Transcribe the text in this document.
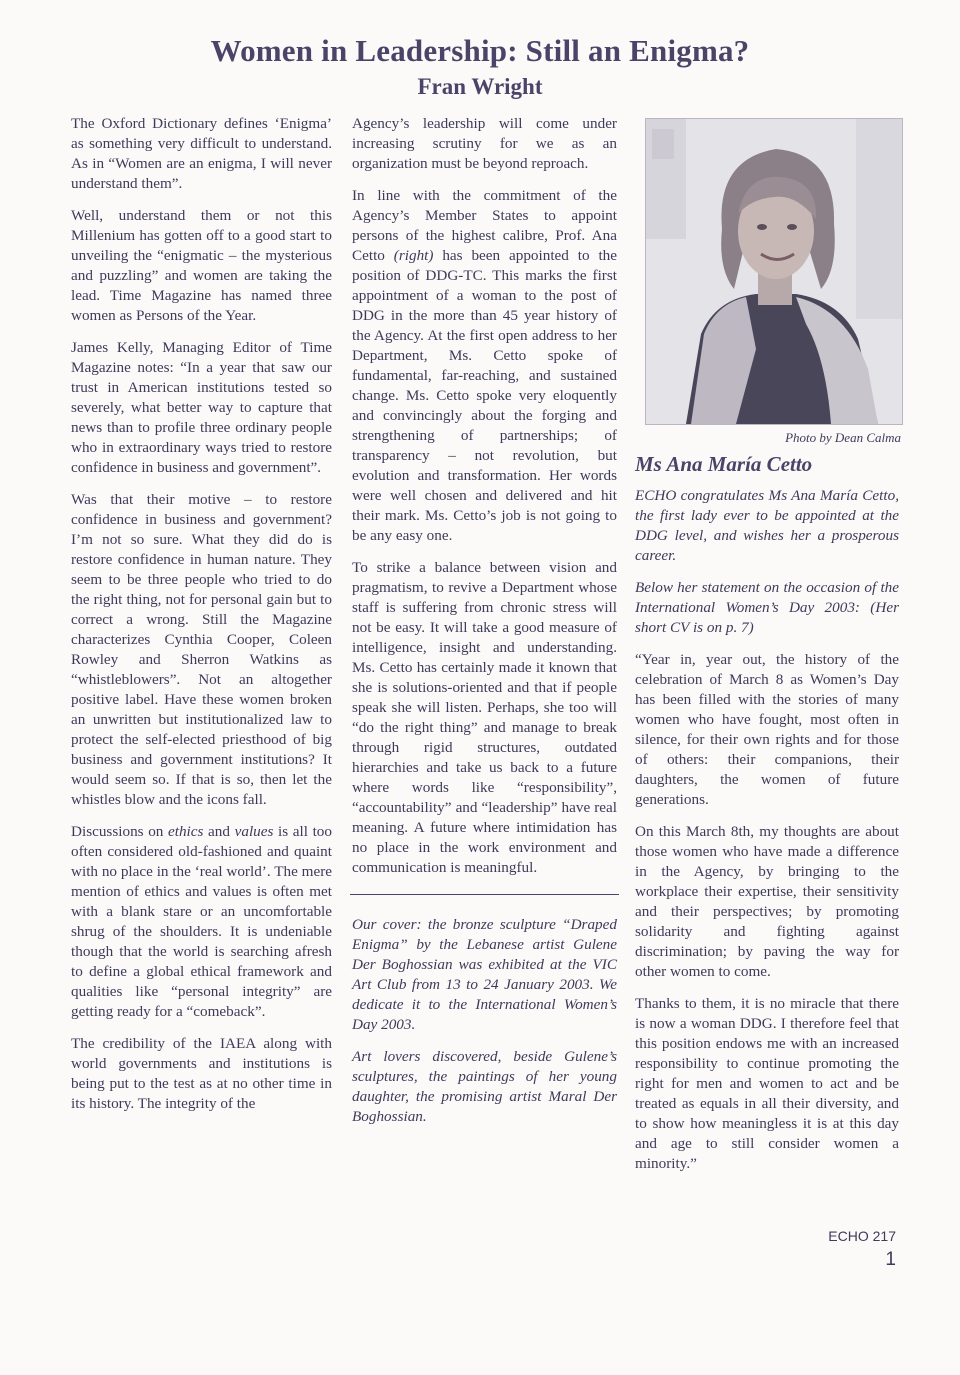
Women in Leadership: Still an Enigma?
Fran Wright

The Oxford Dictionary defines ‘Enigma’ as something very difficult to understand. As in “Women are an enigma, I will never understand them”.

Well, understand them or not this Millenium has gotten off to a good start to unveiling the “enigmatic – the mysterious and puzzling” and women are taking the lead. Time Magazine has named three women as Persons of the Year.

James Kelly, Managing Editor of Time Magazine notes: “In a year that saw our trust in American institutions tested so severely, what better way to capture that news than to profile three ordinary people who in extraordinary ways tried to restore confidence in business and government”.

Was that their motive – to restore confidence in business and government? I’m not so sure. What they did do is restore confidence in human nature. They seem to be three people who tried to do the right thing, not for personal gain but to correct a wrong. Still the Magazine characterizes Cynthia Cooper, Coleen Rowley and Sherron Watkins as “whistleblowers”. Not an altogether positive label. Have these women broken an unwritten but institutionalized law to protect the self-elected priesthood of big business and government institutions? It would seem so. If that is so, then let the whistles blow and the icons fall.

Discussions on ethics and values is all too often considered old-fashioned and quaint with no place in the ‘real world’. The mere mention of ethics and values is often met with a blank stare or an uncomfortable shrug of the shoulders. It is undeniable though that the world is searching afresh to define a global ethical framework and qualities like “personal integrity” are getting ready for a “comeback”.

The credibility of the IAEA along with world governments and institutions is being put to the test as at no other time in its history. The integrity of the

Agency’s leadership will come under increasing scrutiny for we as an organization must be beyond reproach.

In line with the commitment of the Agency’s Member States to appoint persons of the highest calibre, Prof. Ana Cetto (right) has been appointed to the position of DDG-TC. This marks the first appointment of a woman to the post of DDG in the more than 45 year history of the Agency. At the first open address to her Department, Ms. Cetto spoke of fundamental, far-reaching, and sustained change. Ms. Cetto spoke very eloquently and convincingly about the forging and strengthening of partnerships; of transparency – not revolution, but evolution and transformation. Her words were well chosen and delivered and hit their mark. Ms. Cetto’s job is not going to be any easy one.

To strike a balance between vision and pragmatism, to revive a Department whose staff is suffering from chronic stress will not be easy. It will take a good measure of intelligence, insight and understanding. Ms. Cetto has certainly made it known that she is solutions-oriented and that if people speak she will listen. Perhaps, she too will “do the right thing” and manage to break through rigid structures, outdated hierarchies and take us back to a future where words like “responsibility”, “accountability” and “leadership” have real meaning. A future where intimidation has no place in the work environment and communication is meaningful.

Our cover: the bronze sculpture “Draped Enigma” by the Lebanese artist Gulene Der Boghossian was exhibited at the VIC Art Club from 13 to 24 January 2003. We dedicate it to the International Women’s Day 2003.

Art lovers discovered, beside Gulene’s sculptures, the paintings of her young daughter, the promising artist Maral Der Boghossian.

Photo by Dean Calma
Ms Ana María Cetto

ECHO congratulates Ms Ana María Cetto, the first lady ever to be appointed at the DDG level, and wishes her a prosperous career.

Below her statement on the occasion of the International Women’s Day 2003: (Her short CV is on p. 7)

“Year in, year out, the history of the celebration of March 8 as Women’s Day has been filled with the stories of many women who have fought, most often in silence, for their own rights and for those of others: their companions, their daughters, the women of future generations.

On this March 8th, my thoughts are about those women who have made a difference in the Agency, by bringing to the workplace their expertise, their sensitivity and their perspectives; by promoting solidarity and fighting against discrimination; by paving the way for other women to come.

Thanks to them, it is no miracle that there is now a woman DDG. I therefore feel that this position endows me with an increased responsibility to continue promoting the right for men and women to act and be treated as equals in all their diversity, and to show how meaningless it is at this day and age to still consider women a minority.”

ECHO 217
1
